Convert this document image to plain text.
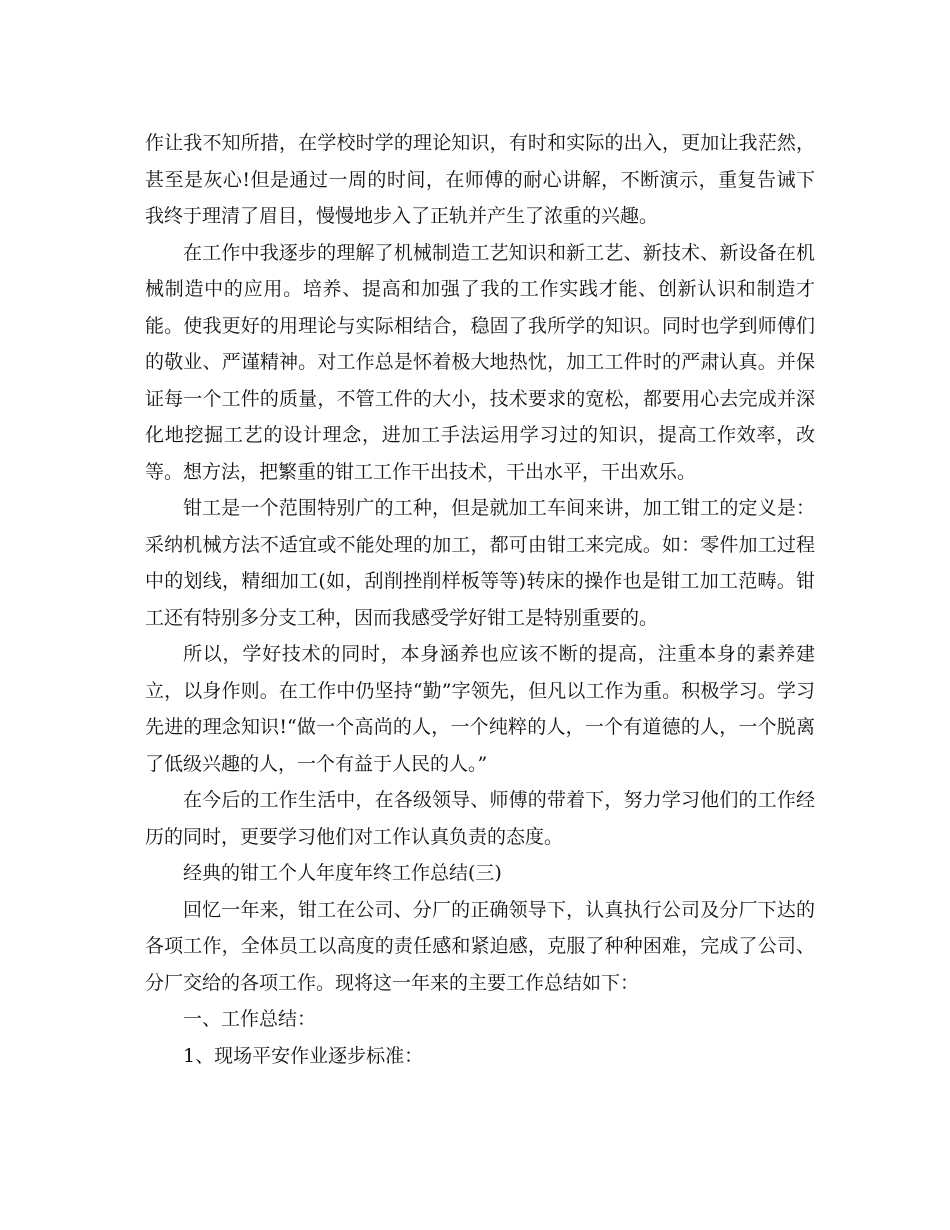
作让我不知所措，在学校时学的理论知识，有时和实际的出入，更加让我茫然，甚至是灰心!但是通过一周的时间，在师傅的耐心讲解，不断演示，重复告诫下我终于理清了眉目，慢慢地步入了正轨并产生了浓重的兴趣。

在工作中我逐步的理解了机械制造工艺知识和新工艺、新技术、新设备在机械制造中的应用。培养、提高和加强了我的工作实践才能、创新认识和制造才能。使我更好的用理论与实际相结合，稳固了我所学的知识。同时也学到师傅们的敬业、严谨精神。对工作总是怀着极大地热忱，加工工件时的严肃认真。并保证每一个工件的质量，不管工件的大小，技术要求的宽松，都要用心去完成并深化地挖掘工艺的设计理念，进加工手法运用学习过的知识，提高工作效率，改等。想方法，把繁重的钳工工作干出技术，干出水平，干出欢乐。

钳工是一个范围特别广的工种，但是就加工车间来讲，加工钳工的定义是：采纳机械方法不适宜或不能处理的加工，都可由钳工来完成。如：零件加工过程中的划线，精细加工(如，刮削挫削样板等等)转床的操作也是钳工加工范畴。钳工还有特别多分支工种，因而我感受学好钳工是特别重要的。

所以，学好技术的同时，本身涵养也应该不断的提高，注重本身的素养建立，以身作则。在工作中仍坚持“勤”字领先，但凡以工作为重。积极学习。学习先进的理念知识!“做一个高尚的人，一个纯粹的人，一个有道德的人，一个脱离了低级兴趣的人，一个有益于人民的人。”

在今后的工作生活中，在各级领导、师傅的带着下，努力学习他们的工作经历的同时，更要学习他们对工作认真负责的态度。

经典的钳工个人年度年终工作总结(三)

回忆一年来，钳工在公司、分厂的正确领导下，认真执行公司及分厂下达的各项工作，全体员工以高度的责任感和紧迫感，克服了种种困难，完成了公司、分厂交给的各项工作。现将这一年来的主要工作总结如下：

一、工作总结：

1、现场平安作业逐步标准：
